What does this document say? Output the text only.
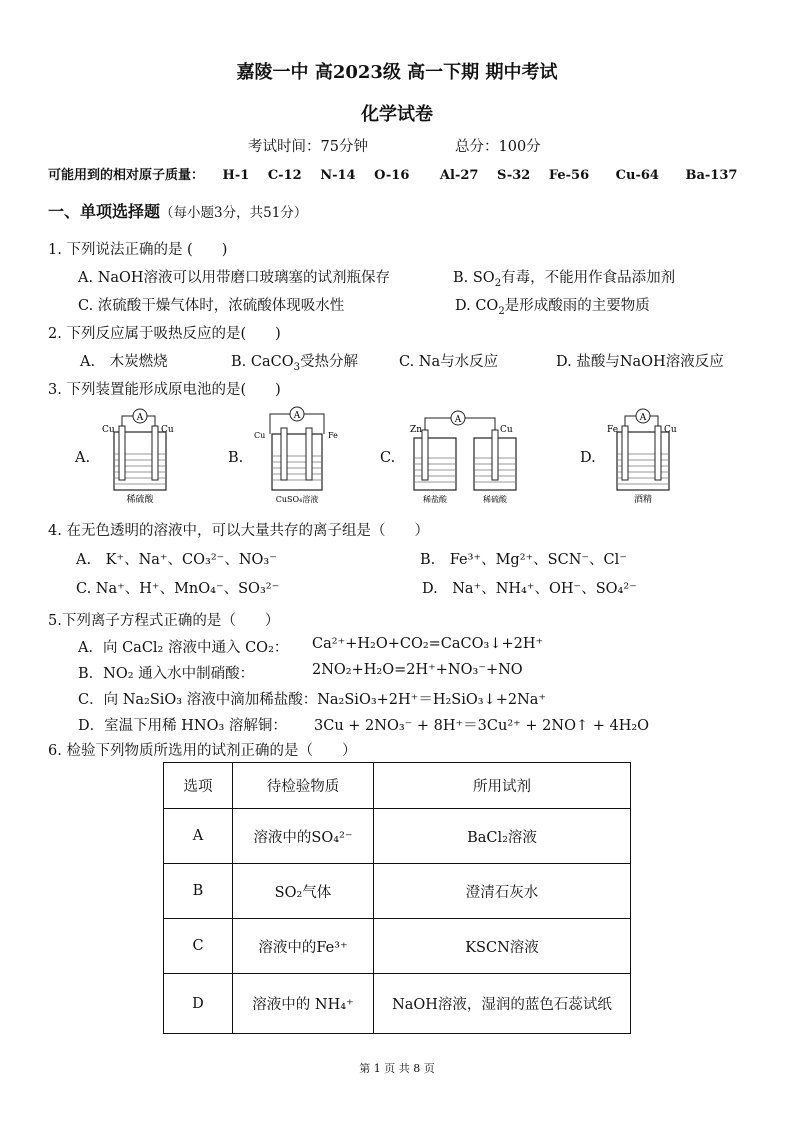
嘉陵一中 高2023级 高一下期 期中考试
化学试卷
考试时间：75分钟	总分：100分
可能用到的相对原子质量： H-1 C-12 N-14 O-16 Al-27 S-32 Fe-56 Cu-64 Ba-137
一、单项选择题（每小题3分，共51分）
1. 下列说法正确的是 (　　)
A. NaOH溶液可以用带磨口玻璃塞的试剂瓶保存	B. $SO_2$有毒，不能用作食品添加剂
C. 浓硫酸干燥气体时，浓硫酸体现吸水性	D. $CO_2$是形成酸雨的主要物质
2. 下列反应属于吸热反应的是(　　)
A.　木炭燃烧	B. CaCO$_3$受热分解	C. Na与水反应	D. 盐酸与NaOH溶液反应
3. 下列装置能形成原电池的是(　　)
A.	B.	C.	D.
A
Cu	Cu
稀硫酸
A
Cu	Fe
CuSO₄溶液
A
Zn	Cu
稀盐酸	稀硫酸
A
Fe	Cu
酒精
4. 在无色透明的溶液中，可以大量共存的离子组是（　　）
A.　K⁺、Na⁺、CO₃²⁻、NO₃⁻	B.　Fe³⁺、Mg²⁺、SCN⁻、Cl⁻
C. Na⁺、H⁺、MnO₄⁻、SO₃²⁻	D.　Na⁺、NH₄⁺、OH⁻、SO₄²⁻
5.下列离子方程式正确的是（　　）
A．向 CaCl₂ 溶液中通入 CO₂： Ca²⁺+H₂O+CO₂=CaCO₃↓+2H⁺
B．NO₂ 通入水中制硝酸：	2NO₂+H₂O=2H⁺+NO₃⁻+NO
C．向 Na₂SiO₃ 溶液中滴加稀盐酸：Na₂SiO₃+2H⁺＝H₂SiO₃↓+2Na⁺
D．室温下用稀 HNO₃ 溶解铜： 3Cu + 2NO₃⁻ + 8H⁺＝3Cu²⁺ + 2NO↑ + 4H₂O
6. 检验下列物质所选用的试剂正确的是（　　）
选项	待检验物质	所用试剂
A	溶液中的SO₄²⁻	BaCl₂溶液
B	SO₂气体	澄清石灰水
C	溶液中的Fe³⁺	KSCN溶液
D	溶液中的 NH₄⁺	NaOH溶液，湿润的蓝色石蕊试纸
第 1 页 共 8 页
